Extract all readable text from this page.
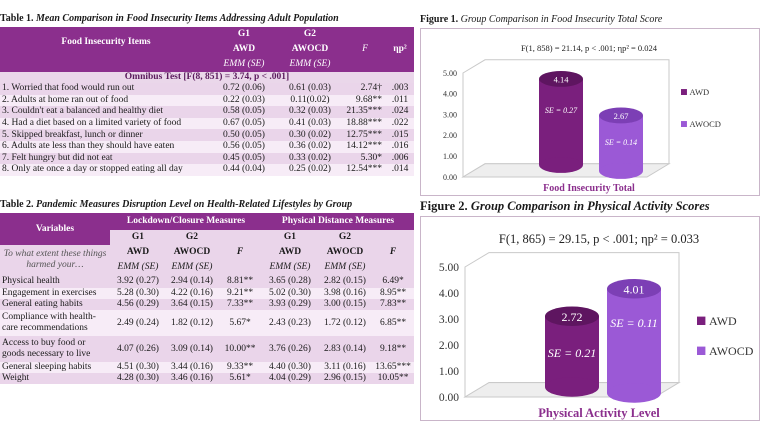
Table 1. Mean Comparison in Food Insecurity Items Addressing Adult Population
Food Insecurity Items	G1	G2	F	ηp²
	AWD	AWOCD		
	EMM (SE)	EMM (SE)		
Omnibus Test [F(8, 851) = 3.74, p < .001]				
1. Worried that food would run out	0.72 (0.06)	0.61 (0.03)	2.74†	.003
2. Adults at home ran out of food	0.22 (0.03)	0.11(0.02)	9.68**	.011
3. Couldn't eat a balanced and healthy diet	0.58 (0.05)	0.32 (0.03)	21.35***	.024
4. Had a diet based on a limited variety of food	0.67 (0.05)	0.41 (0.03)	18.88***	.022
5. Skipped breakfast, lunch or dinner	0.50 (0.05)	0.30 (0.02)	12.75***	.015
6. Adults ate less than they should have eaten	0.56 (0.05)	0.36 (0.02)	14.12***	.016
7. Felt hungry but did not eat	0.45 (0.05)	0.33 (0.02)	5.30*	.006
8. Only ate once a day or stopped eating all day	0.44 (0.04)	0.25 (0.02)	12.54***	.014
Table 2. Pandemic Measures Disruption Level on Health-Related Lifestyles by Group
Variables	Lockdown/Closure Measures			Physical Distance Measures		
	G1	G2	F	G1	G2	F
To what extent these things harmed your…	AWD	AWOCD		AWD	AWOCD	
	EMM (SE)	EMM (SE)		EMM (SE)	EMM (SE)	
Physical health	3.92 (0.27)	2.94 (0.14)	8.81**	3.65 (0.28)	2.82 (0.15)	6.49*
Engagement in exercises	5.28 (0.30)	4.22 (0.16)	9.21**	5.02 (0.30)	3.98 (0.16)	8.95**
General eating habits	4.56 (0.29)	3.64 (0.15)	7.33**	3.93 (0.29)	3.00 (0.15)	7.83**
Compliance with health-care recommendations	2.49 (0.24)	1.82 (0.12)	5.67*	2.43 (0.23)	1.72 (0.12)	6.85**
Access to buy food or goods necessary to live	4.07 (0.26)	3.09 (0.14)	10.00**	3.76 (0.26)	2.83 (0.14)	9.18**
General sleeping habits	4.51 (0.30)	3.44 (0.16)	9.33**	4.40 (0.30)	3.11 (0.16)	13.65***
Weight	4.28 (0.30)	3.46 (0.16)	5.61*	4.04 (0.29)	2.96 (0.15)	10.05**
Figure 1. Group Comparison in Food Insecurity Total Score
F(1, 858) = 21.14, p < .001; ηp² = 0.024
0.00
1.00
2.00
3.00
4.00
5.00
4.14
SE = 0.27
AWD
2.67
SE = 0.14
AWOCD
Food Insecurity Total
Figure 2. Group Comparison in Physical Activity Scores
F(1, 865) = 29.15, p < .001; ηp² = 0.033
0.00
1.00
2.00
3.00
4.00
5.00
2.72
SE = 0.21
AWD
4.01
SE = 0.11
AWOCD
Physical Activity Level
